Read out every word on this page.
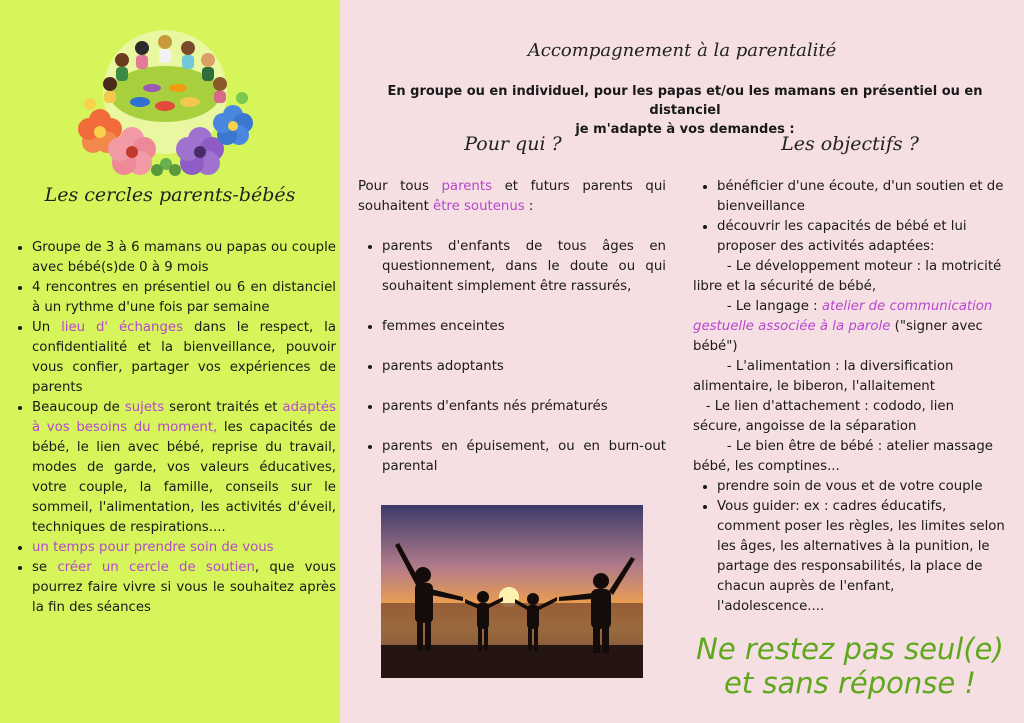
Les cercles parents-bébés
• Groupe de 3 à 6 mamans ou papas ou couple avec bébé(s)de 0 à 9 mois
• 4 rencontres en présentiel ou 6 en distanciel à un rythme d'une fois par semaine
• Un lieu d' échanges dans le respect, la confidentialité et la bienveillance, pouvoir vous confier, partager vos expériences de parents
• Beaucoup de sujets seront traités et adaptés à vos besoins du moment, les capacités de bébé, le lien avec bébé, reprise du travail, modes de garde, vos valeurs éducatives, votre couple, la famille, conseils sur le sommeil, l'alimentation, les activités d'éveil, techniques de respirations....
• un temps pour prendre soin de vous
• se créer un cercle de soutien, que vous pourrez faire vivre si vous le souhaitez après la fin des séances
Accompagnement à la parentalité

En groupe ou en individuel, pour les papas et/ou les mamans en présentiel ou en distanciel

je m'adapte à vos demandes :

Pour qui ?	Les objectifs ?

Pour tous parents et futurs parents qui souhaitent être soutenus :

• parents d'enfants de tous âges en questionnement, dans le doute ou qui souhaitent simplement être rassurés,
• femmes enceintes
• parents adoptants
• parents d'enfants nés prématurés
• parents en épuisement, ou en burn-out parental
• bénéficier d'une écoute, d'un soutien et de bienveillance
• découvrir les capacités de bébé et lui proposer des activités adaptées:

- Le développement moteur : la motricité libre et la sécurité de bébé,

- Le langage : atelier de communication gestuelle associée à la parole ("signer avec bébé")

- L'alimentation : la diversification alimentaire, le biberon, l'allaitement

- Le lien d'attachement : cododo, lien sécure, angoisse de la séparation

- Le bien être de bébé : atelier massage bébé, les comptines...

• prendre soin de vous et de votre couple
• Vous guider: ex : cadres éducatifs, comment poser les règles, les limites selon les âges, les alternatives à la punition, le partage des responsabilités, la place de chacun auprès de l'enfant, l'adolescence....
Ne restez pas seul(e)
et sans réponse !
